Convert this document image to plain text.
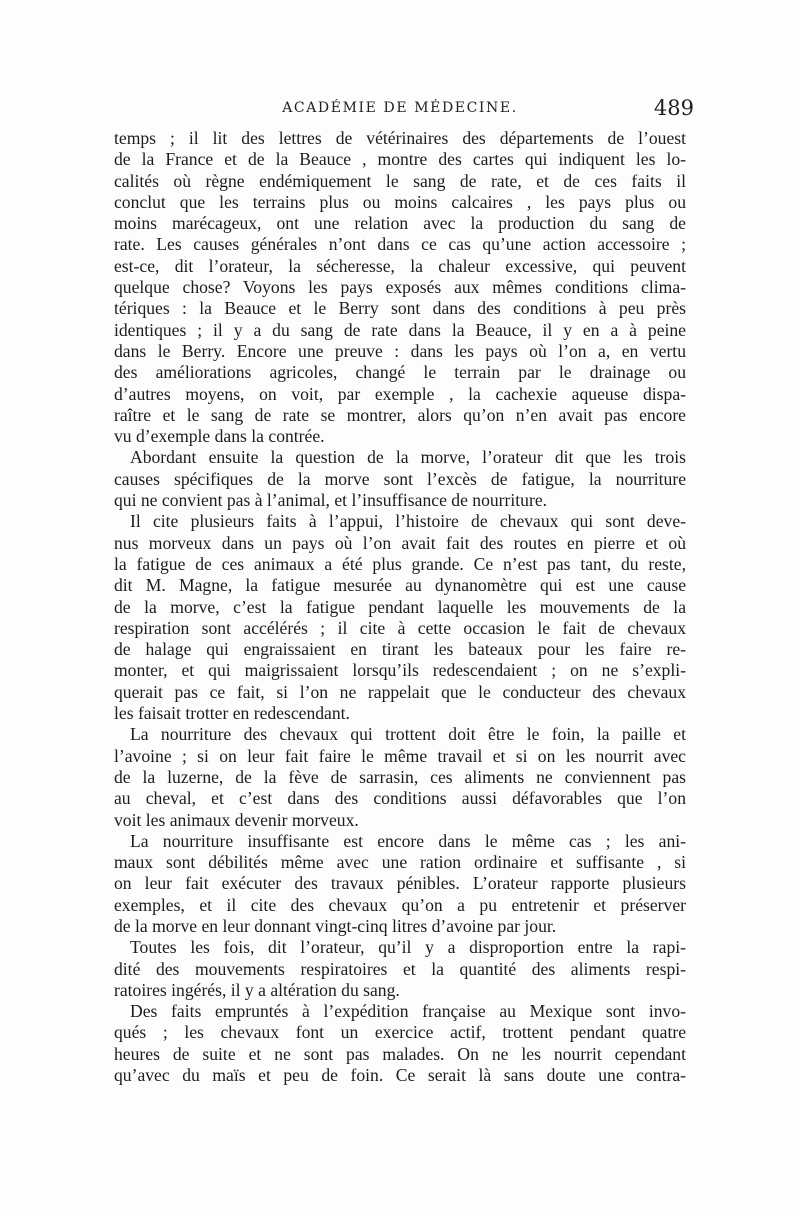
ACADÉMIE DE MÉDECINE.	489
temps ; il lit des lettres de vétérinaires des départements de l’ouest
de la France et de la Beauce , montre des cartes qui indiquent les lo-
calités où règne endémiquement le sang de rate, et de ces faits il
conclut que les terrains plus ou moins calcaires , les pays plus ou
moins marécageux, ont une relation avec la production du sang de
rate. Les causes générales n’ont dans ce cas qu’une action accessoire ;
est-ce, dit l’orateur, la sécheresse, la chaleur excessive, qui peuvent
quelque chose? Voyons les pays exposés aux mêmes conditions clima-
tériques : la Beauce et le Berry sont dans des conditions à peu près
identiques ; il y a du sang de rate dans la Beauce, il y en a à peine
dans le Berry. Encore une preuve : dans les pays où l’on a, en vertu
des améliorations agricoles, changé le terrain par le drainage ou
d’autres moyens, on voit, par exemple , la cachexie aqueuse dispa-
raître et le sang de rate se montrer, alors qu’on n’en avait pas encore
vu d’exemple dans la contrée.
Abordant ensuite la question de la morve, l’orateur dit que les trois
causes spécifiques de la morve sont l’excès de fatigue, la nourriture
qui ne convient pas à l’animal, et l’insuffisance de nourriture.
Il cite plusieurs faits à l’appui, l’histoire de chevaux qui sont deve-
nus morveux dans un pays où l’on avait fait des routes en pierre et où
la fatigue de ces animaux a été plus grande. Ce n’est pas tant, du reste,
dit M. Magne, la fatigue mesurée au dynanomètre qui est une cause
de la morve, c’est la fatigue pendant laquelle les mouvements de la
respiration sont accélérés ; il cite à cette occasion le fait de chevaux
de halage qui engraissaient en tirant les bateaux pour les faire re-
monter, et qui maigrissaient lorsqu’ils redescendaient ; on ne s’expli-
querait pas ce fait, si l’on ne rappelait que le conducteur des chevaux
les faisait trotter en redescendant.
La nourriture des chevaux qui trottent doit être le foin, la paille et
l’avoine ; si on leur fait faire le même travail et si on les nourrit avec
de la luzerne, de la fève de sarrasin, ces aliments ne conviennent pas
au cheval, et c’est dans des conditions aussi défavorables que l’on
voit les animaux devenir morveux.
La nourriture insuffisante est encore dans le même cas ; les ani-
maux sont débilités même avec une ration ordinaire et suffisante , si
on leur fait exécuter des travaux pénibles. L’orateur rapporte plusieurs
exemples, et il cite des chevaux qu’on a pu entretenir et préserver
de la morve en leur donnant vingt-cinq litres d’avoine par jour.
Toutes les fois, dit l’orateur, qu’il y a disproportion entre la rapi-
dité des mouvements respiratoires et la quantité des aliments respi-
ratoires ingérés, il y a altération du sang.
Des faits empruntés à l’expédition française au Mexique sont invo-
qués ; les chevaux font un exercice actif, trottent pendant quatre
heures de suite et ne sont pas malades. On ne les nourrit cependant
qu’avec du maïs et peu de foin. Ce serait là sans doute une contra-
